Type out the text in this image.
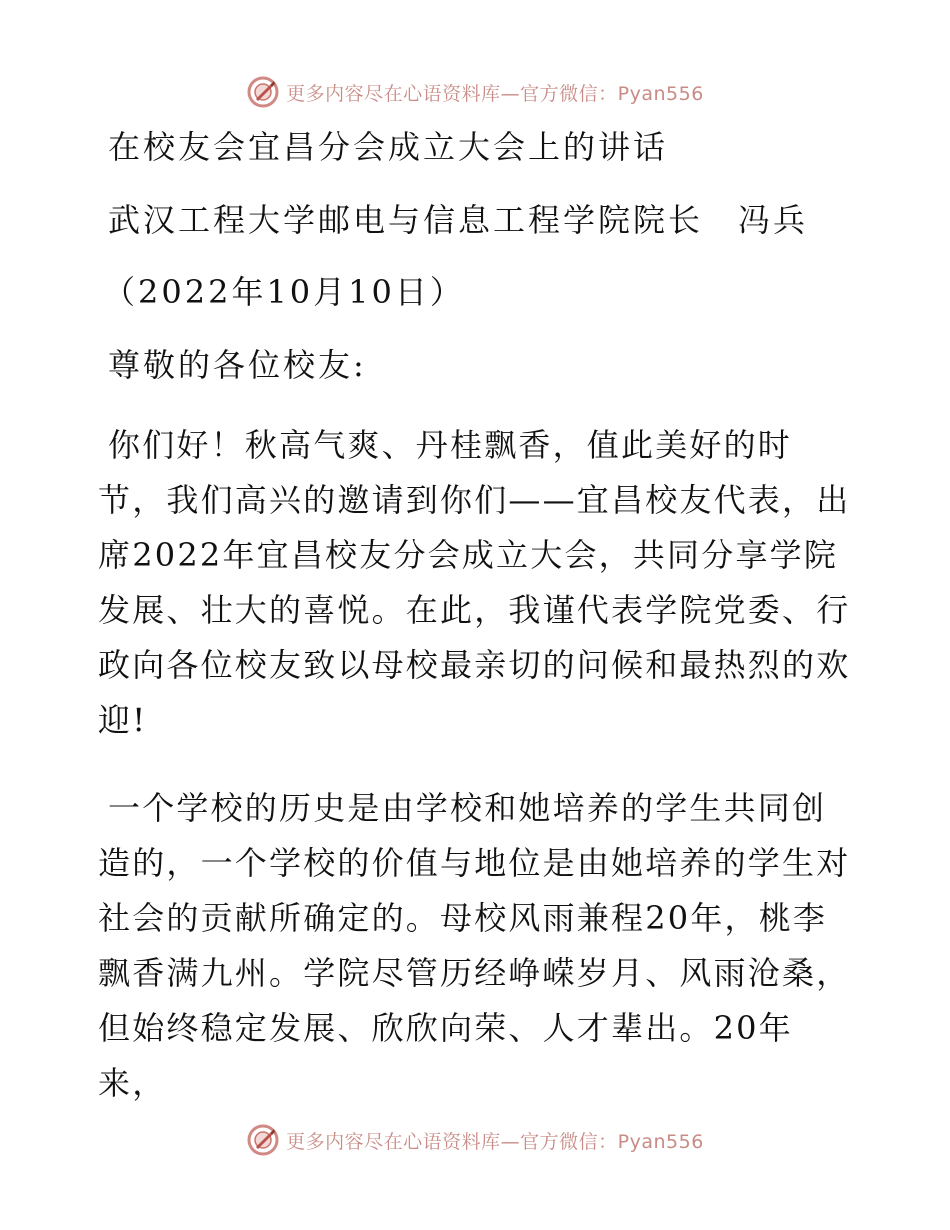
更多内容尽在心语资料库—官方微信：Pyan556
在校友会宜昌分会成立大会上的讲话
武汉工程大学邮电与信息工程学院院长　冯兵
（2022年10月10日）
尊敬的各位校友:

你们好！秋高气爽、丹桂飘香，值此美好的时节，我们高兴的邀请到你们——宜昌校友代表，出席2022年宜昌校友分会成立大会，共同分享学院发展、壮大的喜悦。在此，我谨代表学院党委、行政向各位校友致以母校最亲切的问候和最热烈的欢迎!

一个学校的历史是由学校和她培养的学生共同创造的，一个学校的价值与地位是由她培养的学生对社会的贡献所确定的。母校风雨兼程20年，桃李飘香满九州。学院尽管历经峥嵘岁月、风雨沧桑，但始终稳定发展、欣欣向荣、人才辈出。20年来，

更多内容尽在心语资料库—官方微信：Pyan556
